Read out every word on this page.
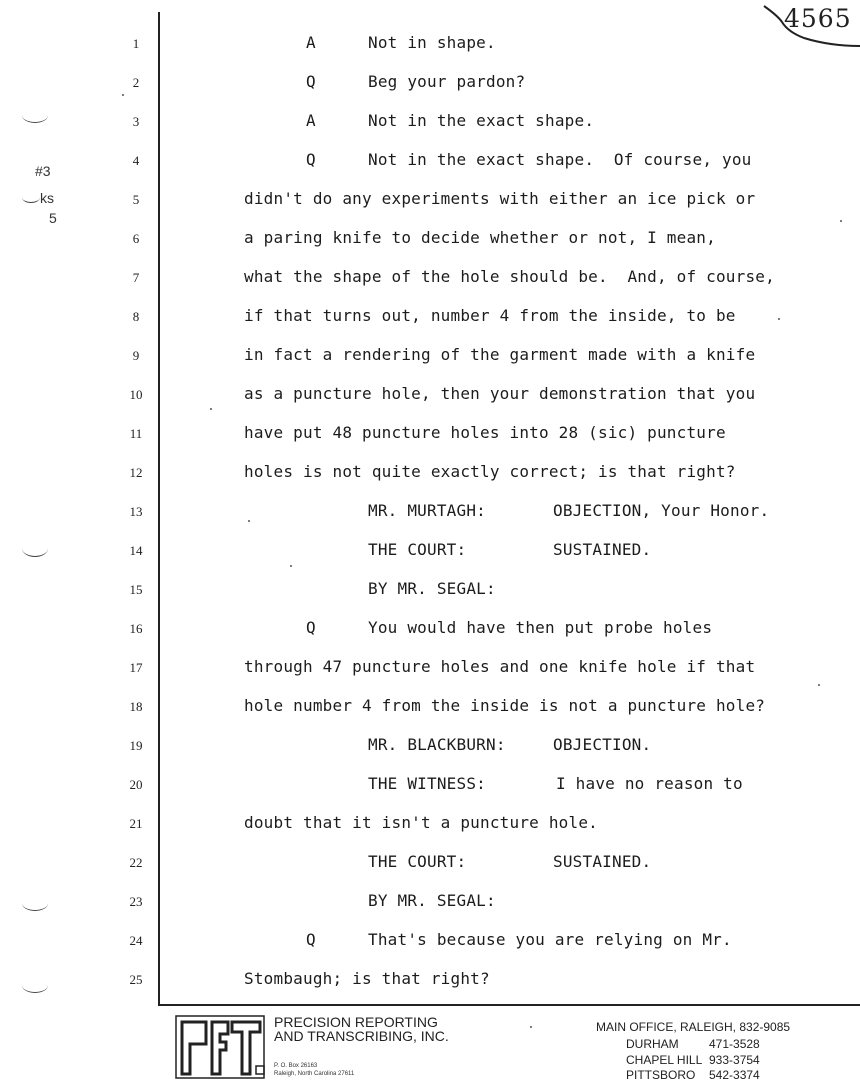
4565
#3
ks
5
1
2
3
4
5
6
7
8
9
10
11
12
13
14
15
16
17
18
19
20
21
22
23
24
25
A	Not in shape.
Q	Beg your pardon?
A	Not in the exact shape.
Q	Not in the exact shape.  Of course, you
didn't do any experiments with either an ice pick or
a paring knife to decide whether or not, I mean,
what the shape of the hole should be.  And, of course,
if that turns out, number 4 from the inside, to be
in fact a rendering of the garment made with a knife
as a puncture hole, then your demonstration that you
have put 48 puncture holes into 28 (sic) puncture
holes is not quite exactly correct; is that right?
MR. MURTAGH:	OBJECTION, Your Honor.
THE COURT:	SUSTAINED.
BY MR. SEGAL:
Q	You would have then put probe holes
through 47 puncture holes and one knife hole if that
hole number 4 from the inside is not a puncture hole?
MR. BLACKBURN:	OBJECTION.
THE WITNESS:	I have no reason to
doubt that it isn't a puncture hole.
THE COURT:	SUSTAINED.
BY MR. SEGAL:
Q	That's because you are relying on Mr.
Stombaugh; is that right?
PRECISION REPORTING
AND TRANSCRIBING, INC.
P. O. Box 26163
Raleigh, North Carolina 27611
MAIN OFFICE, RALEIGH, 832-9085
DURHAM	471-3528
CHAPEL HILL 933-3754
PITTSBORO 542-3374
